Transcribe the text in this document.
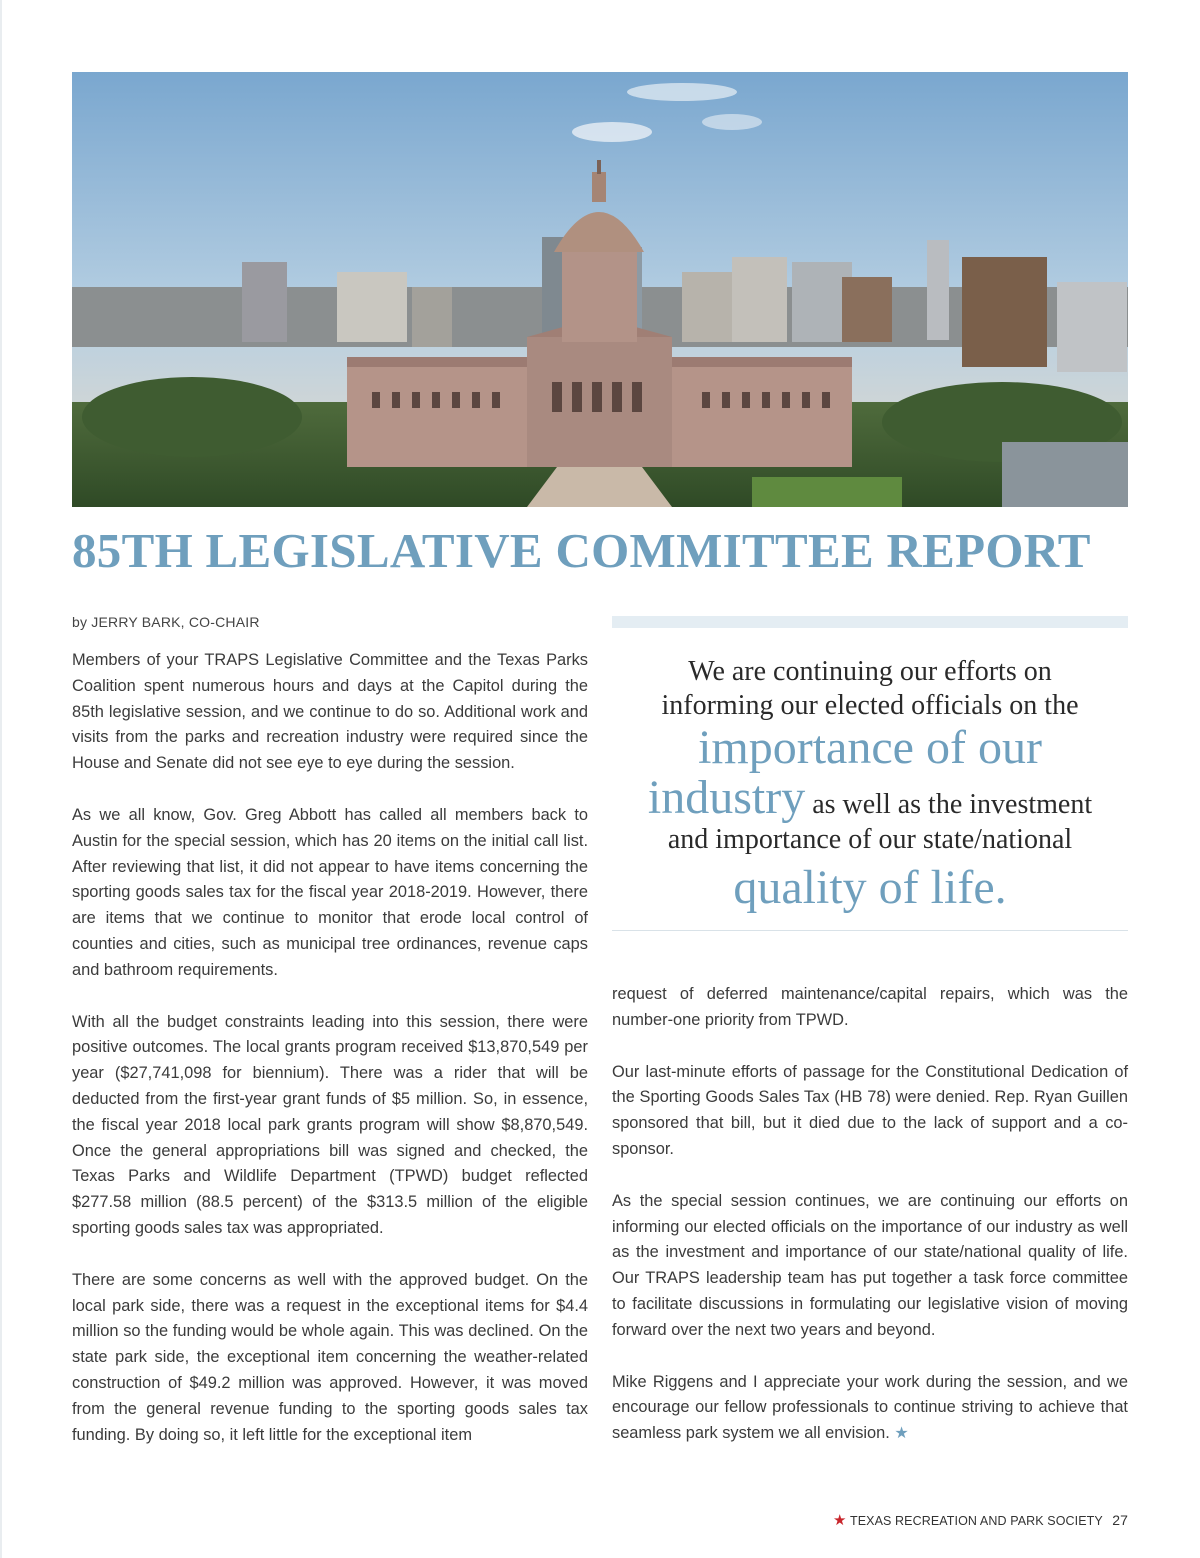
85TH LEGISLATIVE COMMITTEE REPORT
by JERRY BARK, CO-CHAIR

Members of your TRAPS Legislative Committee and the Texas Parks Coalition spent numerous hours and days at the Capitol during the 85th legislative session, and we continue to do so. Additional work and visits from the parks and recreation industry were required since the House and Senate did not see eye to eye during the session.

As we all know, Gov. Greg Abbott has called all members back to Austin for the special session, which has 20 items on the initial call list. After reviewing that list, it did not appear to have items concerning the sporting goods sales tax for the fiscal year 2018-2019. However, there are items that we continue to monitor that erode local control of counties and cities, such as municipal tree ordinances, revenue caps and bathroom requirements.

With all the budget constraints leading into this session, there were positive outcomes. The local grants program received $13,870,549 per year ($27,741,098 for biennium). There was a rider that will be deducted from the first-year grant funds of $5 million. So, in essence, the fiscal year 2018 local park grants program will show $8,870,549. Once the general appropriations bill was signed and checked, the Texas Parks and Wildlife Department (TPWD) budget reflected $277.58 million (88.5 percent) of the $313.5 million of the eligible sporting goods sales tax was appropriated.

There are some concerns as well with the approved budget. On the local park side, there was a request in the exceptional items for $4.4 million so the funding would be whole again. This was declined. On the state park side, the exceptional item concerning the weather-related construction of $49.2 million was approved. However, it was moved from the general revenue funding to the sporting goods sales tax funding. By doing so, it left little for the exceptional item

We are continuing our efforts on
informing our elected officials on the
importance of our
industry as well as the investment
and importance of our state/national
quality of life.

request of deferred maintenance/capital repairs, which was the number-one priority from TPWD.

Our last-minute efforts of passage for the Constitutional Dedication of the Sporting Goods Sales Tax (HB 78) were denied. Rep. Ryan Guillen sponsored that bill, but it died due to the lack of support and a co-sponsor.

As the special session continues, we are continuing our efforts on informing our elected officials on the importance of our industry as well as the investment and importance of our state/national quality of life. Our TRAPS leadership team has put together a task force committee to facilitate discussions in formulating our legislative vision of moving forward over the next two years and beyond.

Mike Riggens and I appreciate your work during the session, and we encourage our fellow professionals to continue striving to achieve that seamless park system we all envision. ★

★ TEXAS RECREATION AND PARK SOCIETY 27
